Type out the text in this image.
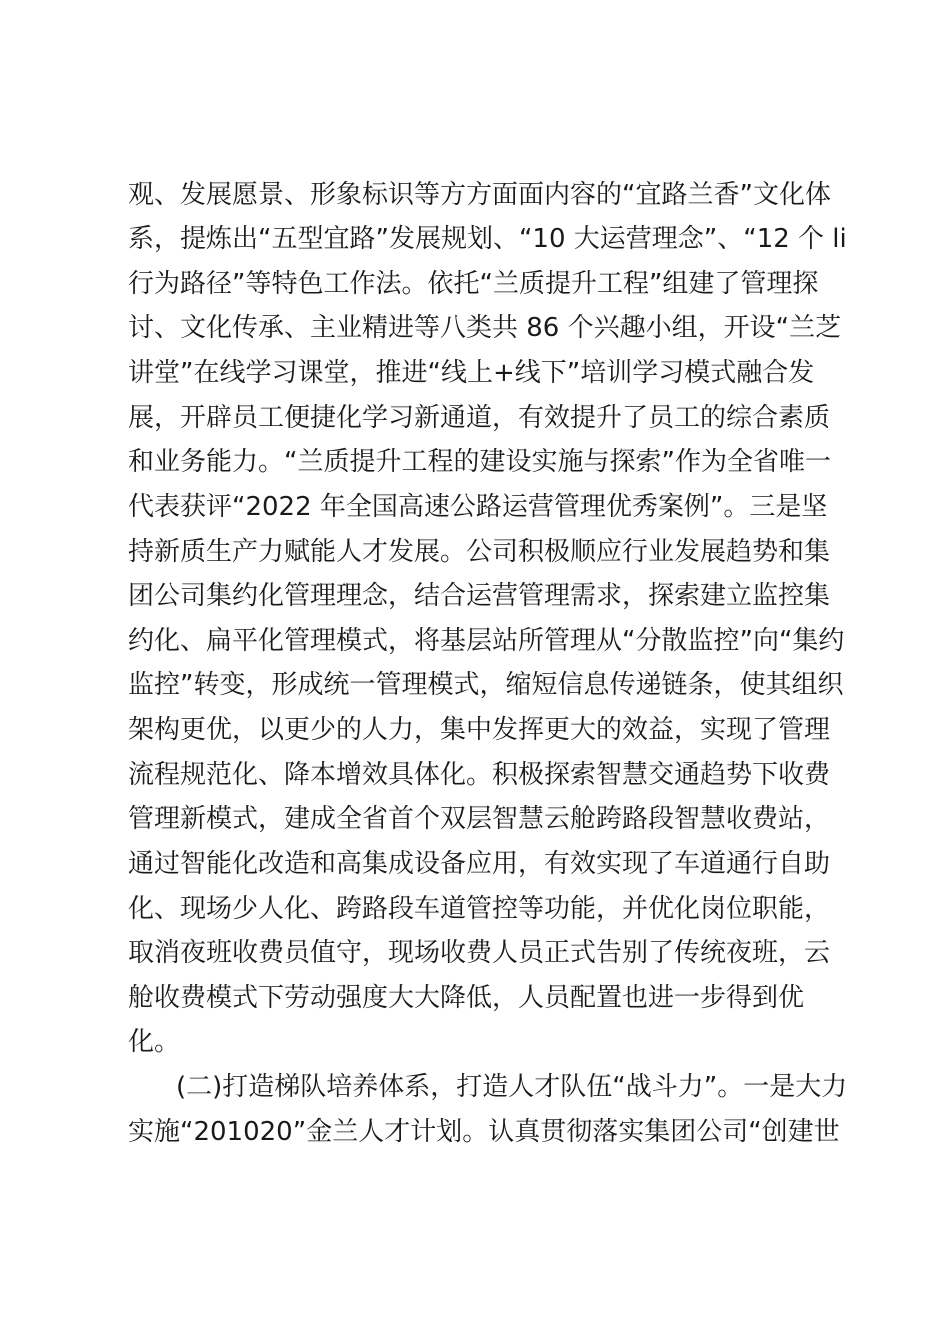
观、发展愿景、形象标识等方方面面内容的“宜路兰香”文化体
系，提炼出“五型宜路”发展规划、“10 大运营理念”、“12 个 li
行为路径”等特色工作法。依托“兰质提升工程”组建了管理探
讨、文化传承、主业精进等八类共 86 个兴趣小组，开设“兰芝
讲堂”在线学习课堂，推进“线上+线下”培训学习模式融合发
展，开辟员工便捷化学习新通道，有效提升了员工的综合素质
和业务能力。“兰质提升工程的建设实施与探索”作为全省唯一
代表获评“2022 年全国高速公路运营管理优秀案例”。三是坚
持新质生产力赋能人才发展。公司积极顺应行业发展趋势和集
团公司集约化管理理念，结合运营管理需求，探索建立监控集
约化、扁平化管理模式，将基层站所管理从“分散监控”向“集约
监控”转变，形成统一管理模式，缩短信息传递链条，使其组织
架构更优，以更少的人力，集中发挥更大的效益，实现了管理
流程规范化、降本增效具体化。积极探索智慧交通趋势下收费
管理新模式，建成全省首个双层智慧云舱跨路段智慧收费站，
通过智能化改造和高集成设备应用，有效实现了车道通行自助
化、现场少人化、跨路段车道管控等功能，并优化岗位职能，
取消夜班收费员值守，现场收费人员正式告别了传统夜班，云
舱收费模式下劳动强度大大降低，人员配置也进一步得到优
化。
(二)打造梯队培养体系，打造人才队伍“战斗力”。一是大力
实施“201020”金兰人才计划。认真贯彻落实集团公司“创建世
